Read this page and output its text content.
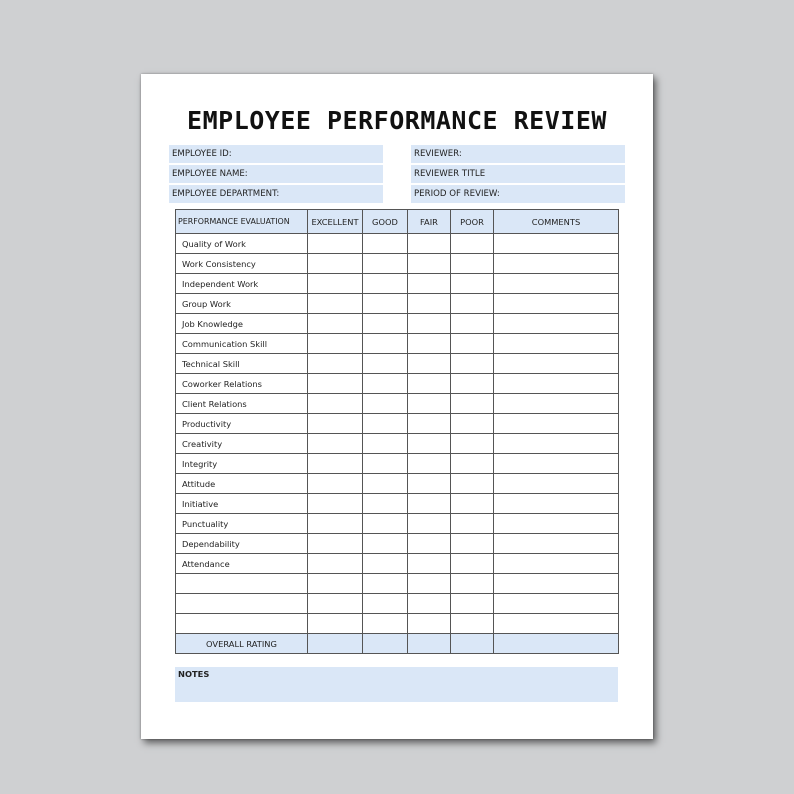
EMPLOYEE PERFORMANCE REVIEW
EMPLOYEE ID:
EMPLOYEE NAME:
EMPLOYEE DEPARTMENT:
REVIEWER:
REVIEWER TITLE
PERIOD OF REVIEW:
PERFORMANCE EVALUATION	EXCELLENT	GOOD	FAIR	POOR	COMMENTS
Quality of Work					
Work Consistency					
Independent Work					
Group Work					
Job Knowledge					
Communication Skill					
Technical Skill					
Coworker Relations					
Client Relations					
Productivity					
Creativity					
Integrity					
Attitude					
Initiative					
Punctuality					
Dependability					
Attendance					

OVERALL RATING					
NOTES
